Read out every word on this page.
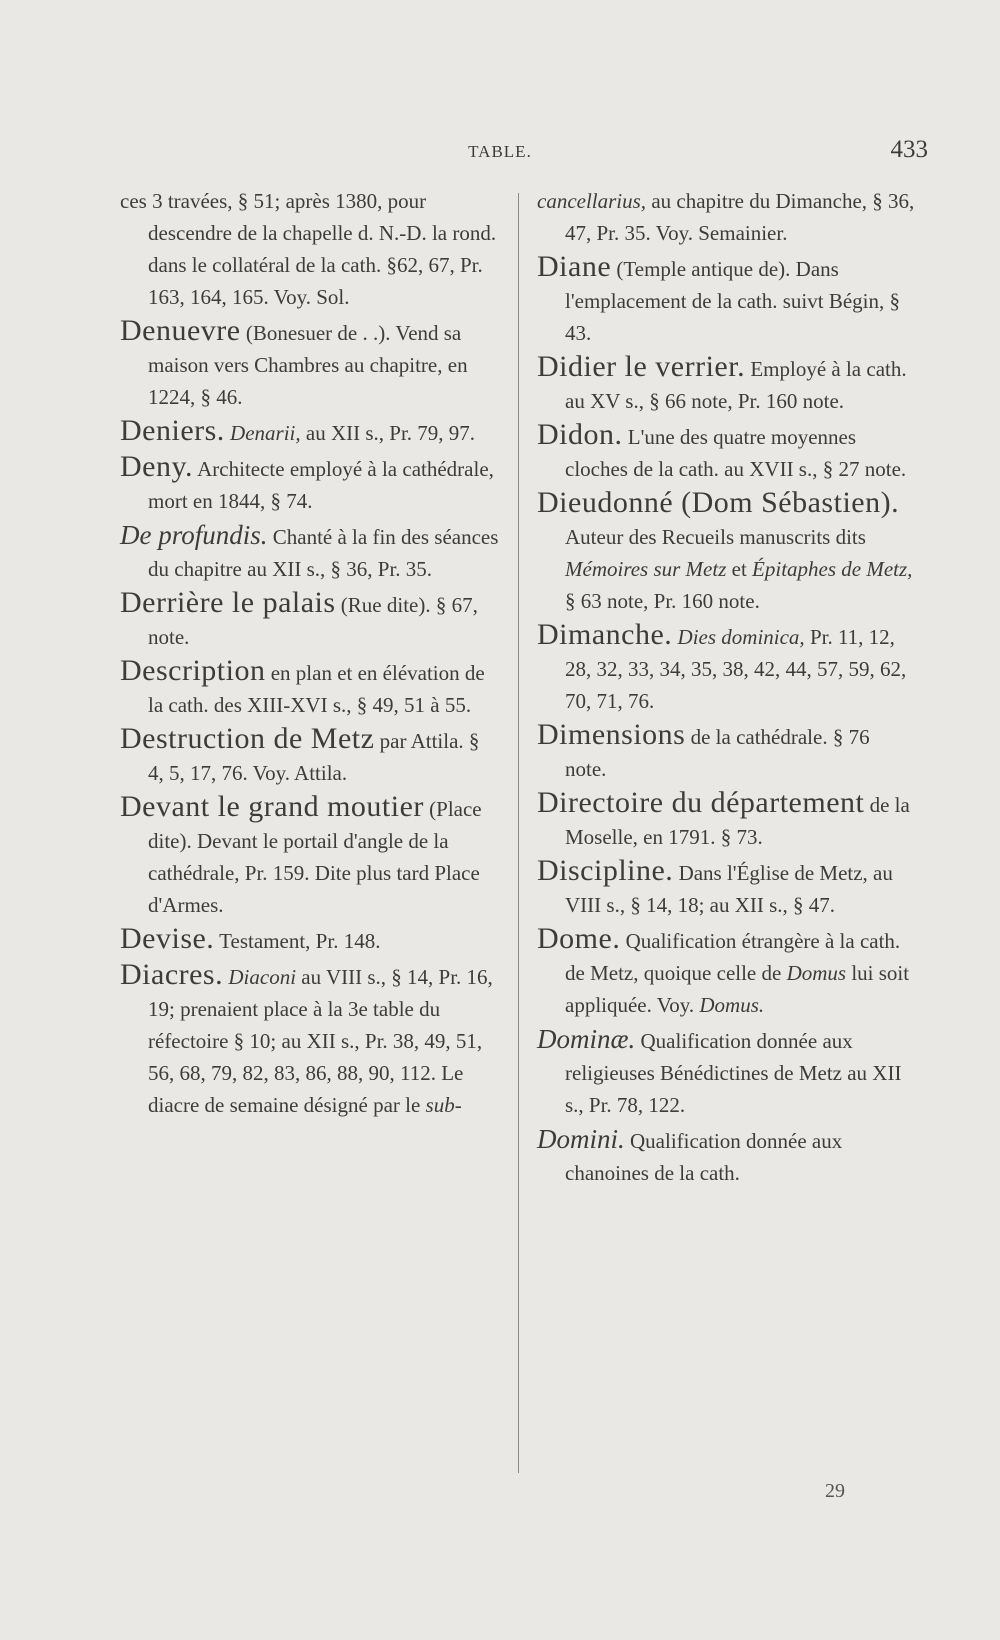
TABLE.	433
ces 3 travées, § 51; après 1380, pour descendre de la chapelle d. N.-D. la rond. dans le collatéral de la cath. §62, 67, Pr. 163, 164, 165. Voy. Sol.
Denuevre (Bonesuer de . .). Vend sa maison vers Chambres au chapitre, en 1224, § 46.
Deniers. Denarii, au XII s., Pr. 79, 97.
Deny. Architecte employé à la cathédrale, mort en 1844, § 74.
De profundis. Chanté à la fin des séances du chapitre au XII s., § 36, Pr. 35.
Derrière le palais (Rue dite). § 67, note.
Description en plan et en élévation de la cath. des XIII-XVI s., § 49, 51 à 55.
Destruction de Metz par Attila. § 4, 5, 17, 76. Voy. Attila.
Devant le grand moutier (Place dite). Devant le portail d'angle de la cathédrale, Pr. 159. Dite plus tard Place d'Armes.
Devise. Testament, Pr. 148.
Diacres. Diaconi au VIII s., § 14, Pr. 16, 19; prenaient place à la 3e table du réfectoire § 10; au XII s., Pr. 38, 49, 51, 56, 68, 79, 82, 83, 86, 88, 90, 112. Le diacre de semaine désigné par le sub-
cancellarius, au chapitre du Dimanche, § 36, 47, Pr. 35. Voy. Semainier.
Diane (Temple antique de). Dans l'emplacement de la cath. suivt Bégin, § 43.
Didier le verrier. Employé à la cath. au XV s., § 66 note, Pr. 160 note.
Didon. L'une des quatre moyennes cloches de la cath. au XVII s., § 27 note.
Dieudonné (Dom Sébastien). Auteur des Recueils manuscrits dits Mémoires sur Metz et Épitaphes de Metz, § 63 note, Pr. 160 note.
Dimanche. Dies dominica, Pr. 11, 12, 28, 32, 33, 34, 35, 38, 42, 44, 57, 59, 62, 70, 71, 76.
Dimensions de la cathédrale. § 76 note.
Directoire du département de la Moselle, en 1791. § 73.
Discipline. Dans l'Église de Metz, au VIII s., § 14, 18; au XII s., § 47.
Dome. Qualification étrangère à la cath. de Metz, quoique celle de Domus lui soit appliquée. Voy. Domus.
Dominæ. Qualification donnée aux religieuses Bénédictines de Metz au XII s., Pr. 78, 122.
Domini. Qualification donnée aux chanoines de la cath.
29
